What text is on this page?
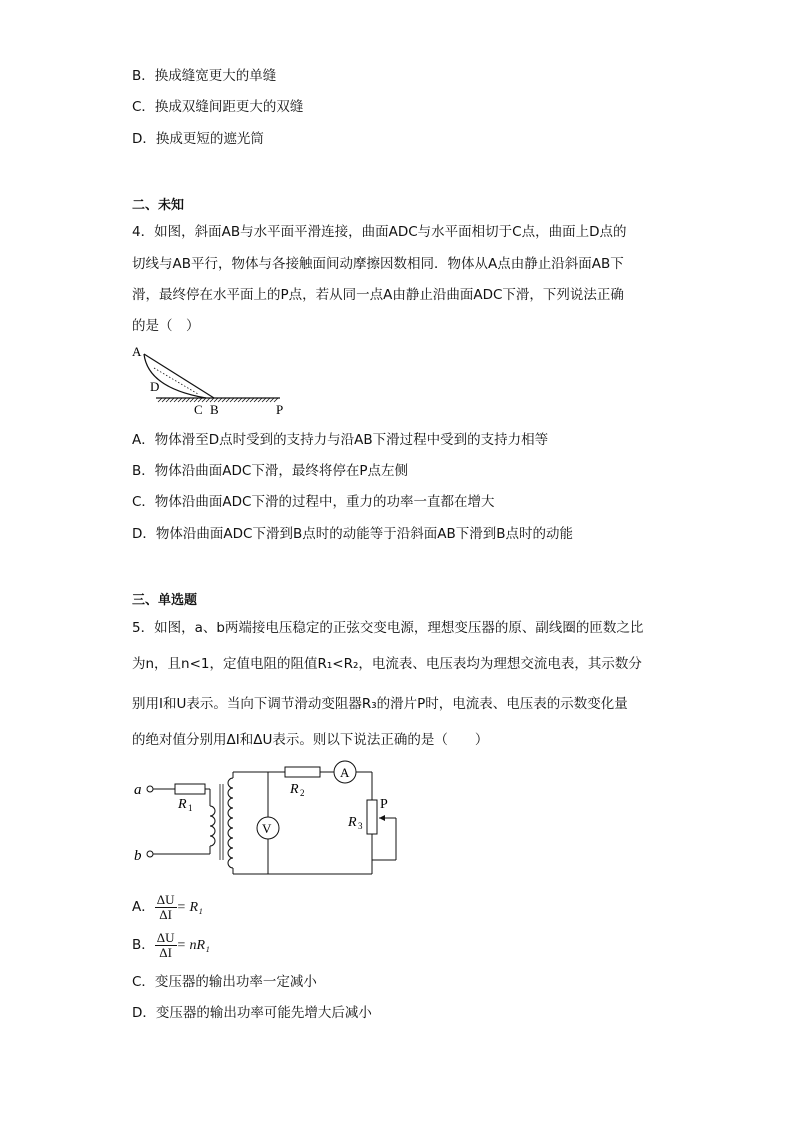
B．换成缝宽更大的单缝
C．换成双缝间距更大的双缝
D．换成更短的遮光筒
二、未知
4．如图，斜面AB与水平面平滑连接，曲面ADC与水平面相切于C点，曲面上D点的
切线与AB平行，物体与各接触面间动摩擦因数相同．物体从A点由静止沿斜面AB下
滑，最终停在水平面上的P点，若从同一点A由静止沿曲面ADC下滑，下列说法正确
的是（　）
A
D
C B	P
A．物体滑至D点时受到的支持力与沿AB下滑过程中受到的支持力相等
B．物体沿曲面ADC下滑，最终将停在P点左侧
C．物体沿曲面ADC下滑的过程中，重力的功率一直都在增大
D．物体沿曲面ADC下滑到B点时的动能等于沿斜面AB下滑到B点时的动能
三、单选题
5．如图，a、b两端接电压稳定的正弦交变电源，理想变压器的原、副线圈的匝数之比
为n，且n<1，定值电阻的阻值R₁<R₂，电流表、电压表均为理想交流电表，其示数分
别用I和U表示。当向下调节滑动变阻器R₃的滑片P时，电流表、电压表的示数变化量
的绝对值分别用ΔI和ΔU表示。则以下说法正确的是（　　）
a
R 1
b
V
R 2
A
R 3
P
A． $\frac{\Delta U}{\Delta I} = R_1$
B． $\frac{\Delta U}{\Delta I} = nR_1$
C．变压器的输出功率一定减小
D．变压器的输出功率可能先增大后减小
